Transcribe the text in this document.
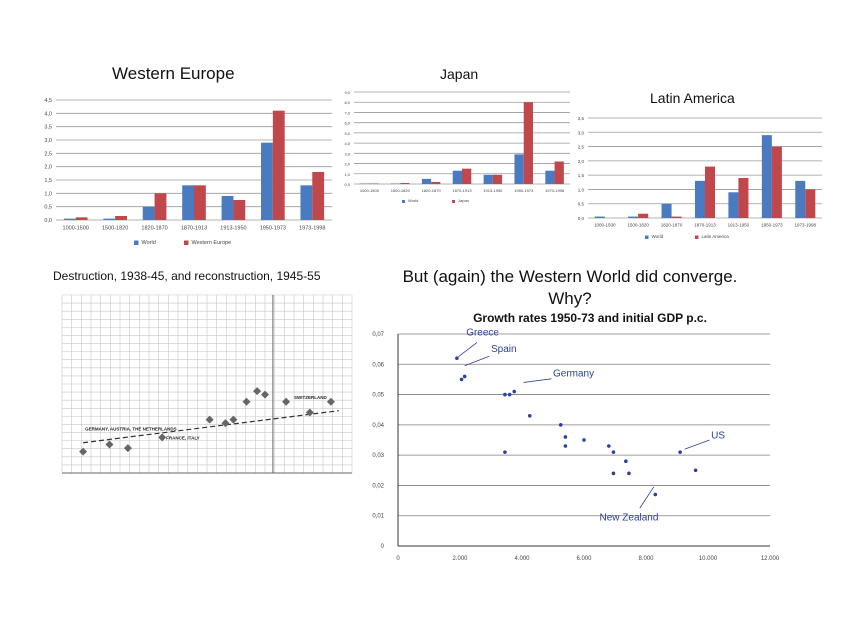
Western Europe	Japan
Latin America
Destruction, 1938-45, and reconstruction, 1945-55	But (again) the Western World did converge.
Why?
Growth rates 1950-73 and initial GDP p.c.
0,0
0,5
1,0
1,5
2,0
2,5
3,0
3,5
4,0
4,5
1000-1500 1500-1820 1820-1870 1870-1913 1913-1950 1950-1973 1973-1998
World	Western Europe
0,0
1,0
2,0
3,0
4,0
5,0
6,0
7,0
8,0
9,0
1000-1500	1500-1820	1820-1870	1870-1913	1913-1950	1950-1973	1973-1998
World	Japan
0,0
0,5
1,0
1,5
2,0
2,5
3,0
3,5
1000-1500	1500-1820	1820-1870	1870-1913	1913-1950	1950-1973	1973-1998
World	Latin America
GERMANY, AUSTRIA, THE NETHERLANDS
FRANCE, ITALY
SWITZERLAND
0
0,01
0,02
0,03
0,04
0,05
0,06
0,07
0	2.000	4.000	6.000	8.000	10.000	12.000
Greece
Spain
Germany
US
New Zealand
